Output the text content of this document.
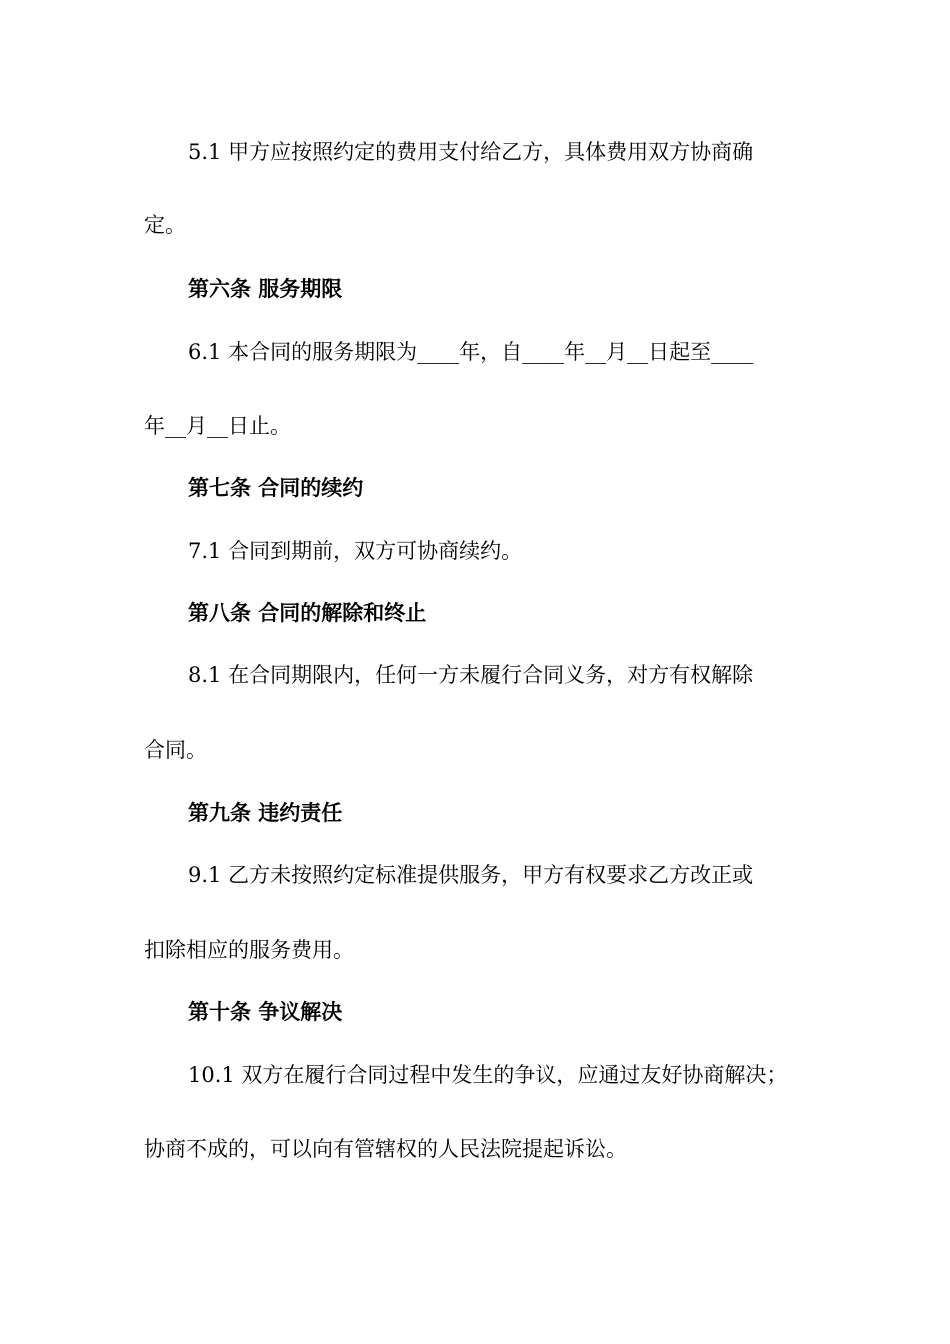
5.1 甲方应按照约定的费用支付给乙方，具体费用双方协商确
定。
第六条 服务期限
6.1 本合同的服务期限为____年，自____年__月__日起至____
年__月__日止。
第七条 合同的续约
7.1 合同到期前，双方可协商续约。
第八条 合同的解除和终止
8.1 在合同期限内，任何一方未履行合同义务，对方有权解除
合同。
第九条 违约责任
9.1 乙方未按照约定标准提供服务，甲方有权要求乙方改正或
扣除相应的服务费用。
第十条 争议解决
10.1 双方在履行合同过程中发生的争议，应通过友好协商解决；
协商不成的，可以向有管辖权的人民法院提起诉讼。
